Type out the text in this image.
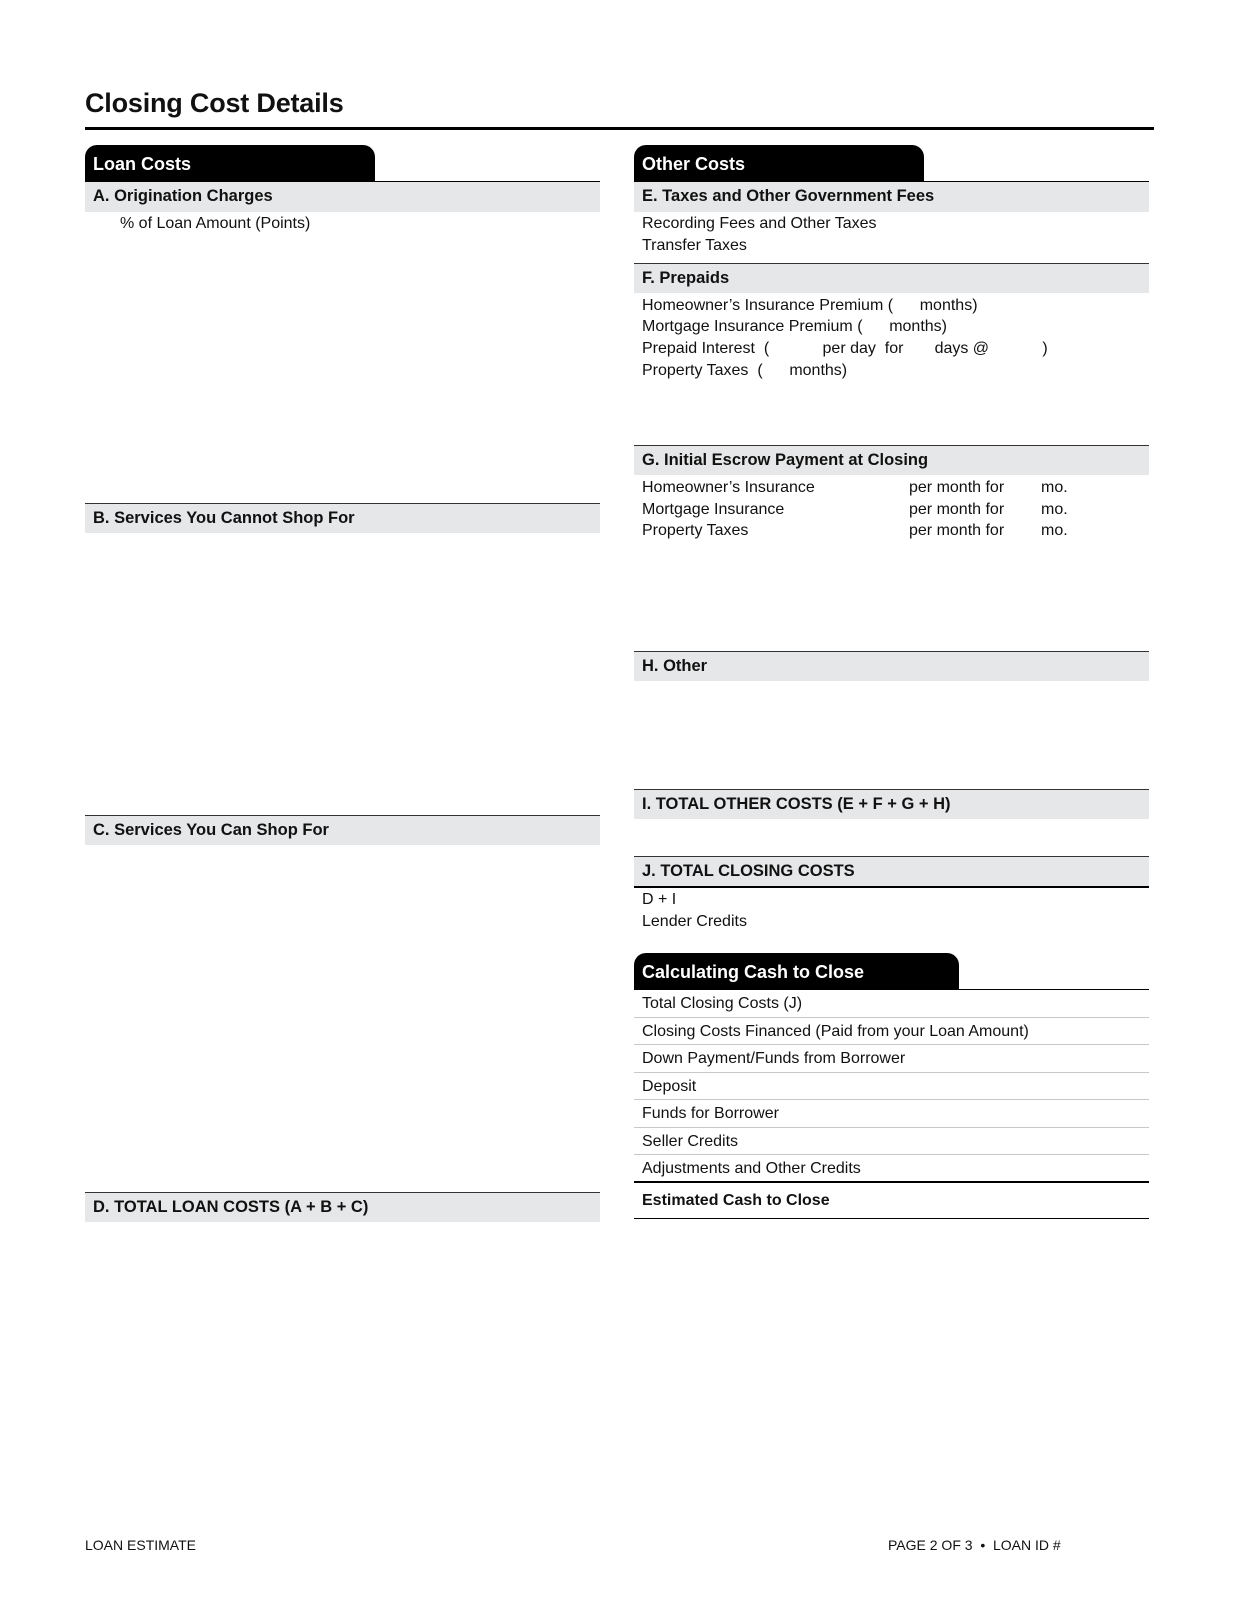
Closing Cost Details
Loan Costs
A. Origination Charges
% of Loan Amount (Points)
B. Services You Cannot Shop For
C. Services You Can Shop For
D. TOTAL LOAN COSTS (A + B + C)
Other Costs
E. Taxes and Other Government Fees
Recording Fees and Other Taxes
Transfer Taxes
F. Prepaids
Homeowner’s Insurance Premium (      months)
Mortgage Insurance Premium (      months)
Prepaid Interest  (            per day  for       days @            )
Property Taxes  (      months)
G. Initial Escrow Payment at Closing
Homeowner’s Insurance	per month for mo.
Mortgage Insurance	per month for mo.
Property Taxes	per month for mo.
H. Other
I. TOTAL OTHER COSTS (E + F + G + H)
J. TOTAL CLOSING COSTS
D + I
Lender Credits
Calculating Cash to Close
Total Closing Costs (J)
Closing Costs Financed (Paid from your Loan Amount)
Down Payment/Funds from Borrower
Deposit
Funds for Borrower
Seller Credits
Adjustments and Other Credits
Estimated Cash to Close
LOAN ESTIMATE	PAGE 2 OF 3  •  LOAN ID #
